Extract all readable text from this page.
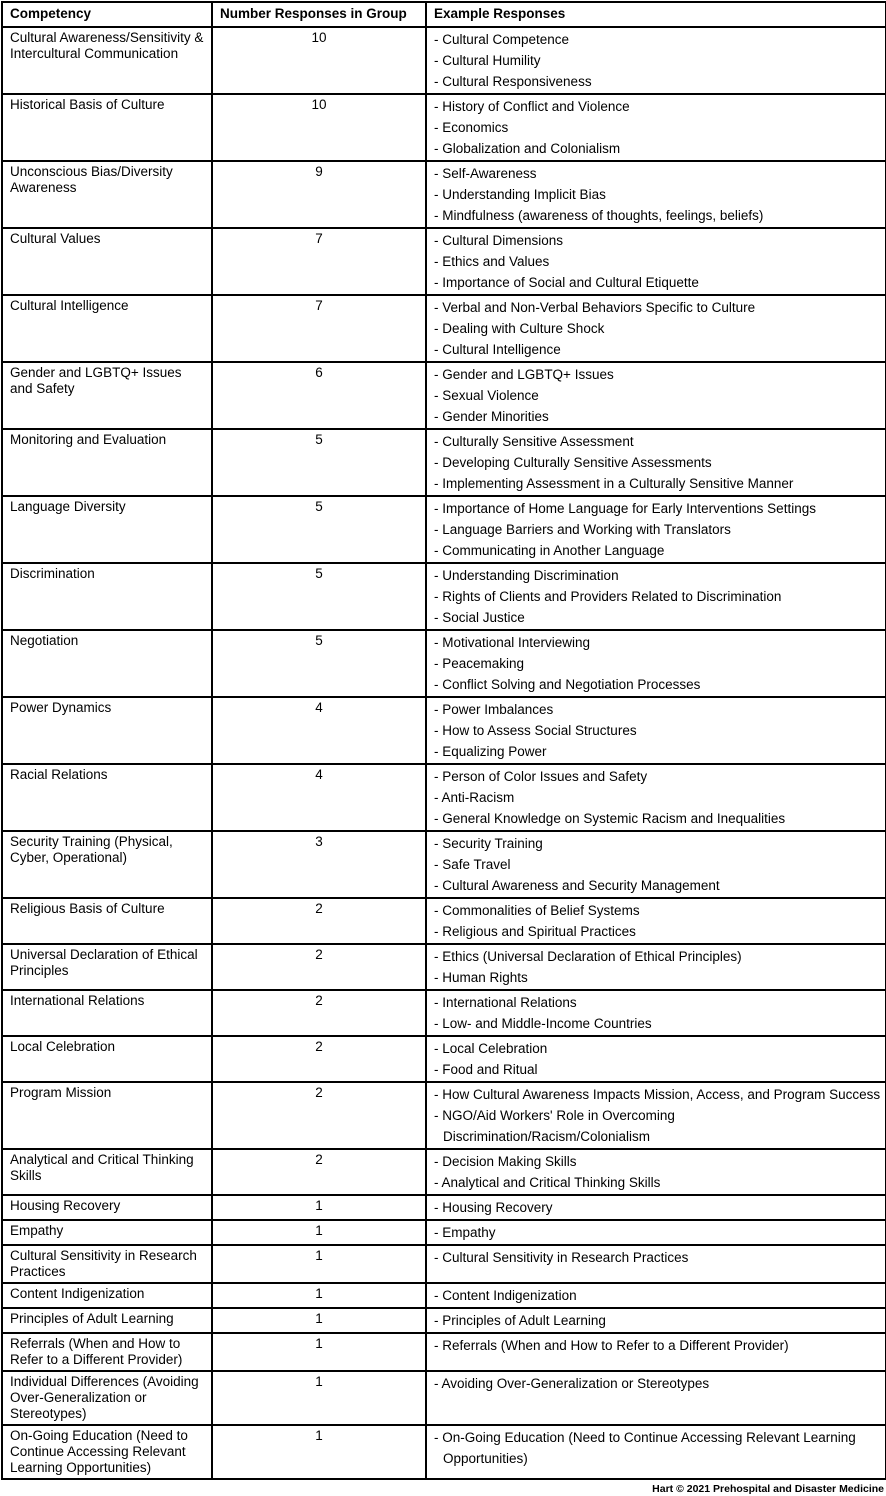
Competency	Number Responses in Group	Example Responses
Cultural Awareness/Sensitivity & Intercultural Communication	10	- Cultural Competence
- Cultural Humility
- Cultural Responsiveness

Historical Basis of Culture	10	- History of Conflict and Violence
- Economics
- Globalization and Colonialism

Unconscious Bias/Diversity Awareness	9	- Self-Awareness
- Understanding Implicit Bias
- Mindfulness (awareness of thoughts, feelings, beliefs)

Cultural Values	7	- Cultural Dimensions
- Ethics and Values
- Importance of Social and Cultural Etiquette

Cultural Intelligence	7	- Verbal and Non-Verbal Behaviors Specific to Culture
- Dealing with Culture Shock
- Cultural Intelligence

Gender and LGBTQ+ Issues and Safety	6	- Gender and LGBTQ+ Issues
- Sexual Violence
- Gender Minorities

Monitoring and Evaluation	5	- Culturally Sensitive Assessment
- Developing Culturally Sensitive Assessments
- Implementing Assessment in a Culturally Sensitive Manner

Language Diversity	5	- Importance of Home Language for Early Interventions Settings
- Language Barriers and Working with Translators
- Communicating in Another Language

Discrimination	5	- Understanding Discrimination
- Rights of Clients and Providers Related to Discrimination
- Social Justice

Negotiation	5	- Motivational Interviewing
- Peacemaking
- Conflict Solving and Negotiation Processes

Power Dynamics	4	- Power Imbalances
- How to Assess Social Structures
- Equalizing Power

Racial Relations	4	- Person of Color Issues and Safety
- Anti-Racism
- General Knowledge on Systemic Racism and Inequalities

Security Training (Physical, Cyber, Operational)	3	- Security Training
- Safe Travel
- Cultural Awareness and Security Management

Religious Basis of Culture	2	- Commonalities of Belief Systems
- Religious and Spiritual Practices

Universal Declaration of Ethical Principles	2	- Ethics (Universal Declaration of Ethical Principles)
- Human Rights

International Relations	2	- International Relations
- Low- and Middle-Income Countries

Local Celebration	2	- Local Celebration
- Food and Ritual

Program Mission	2	- How Cultural Awareness Impacts Mission, Access, and Program Success
- NGO/Aid Workers' Role in Overcoming Discrimination/Racism/Colonialism

Analytical and Critical Thinking Skills	2	- Decision Making Skills
- Analytical and Critical Thinking Skills

Housing Recovery	1	- Housing Recovery

Empathy	1	- Empathy

Cultural Sensitivity in Research Practices	1	- Cultural Sensitivity in Research Practices

Content Indigenization	1	- Content Indigenization

Principles of Adult Learning	1	- Principles of Adult Learning

Referrals (When and How to Refer to a Different Provider)	1	- Referrals (When and How to Refer to a Different Provider)

Individual Differences (Avoiding Over-Generalization or Stereotypes)	1	- Avoiding Over-Generalization or Stereotypes

On-Going Education (Need to Continue Accessing Relevant Learning Opportunities)	1	- On-Going Education (Need to Continue Accessing Relevant Learning Opportunities)
Hart © 2021 Prehospital and Disaster Medicine
